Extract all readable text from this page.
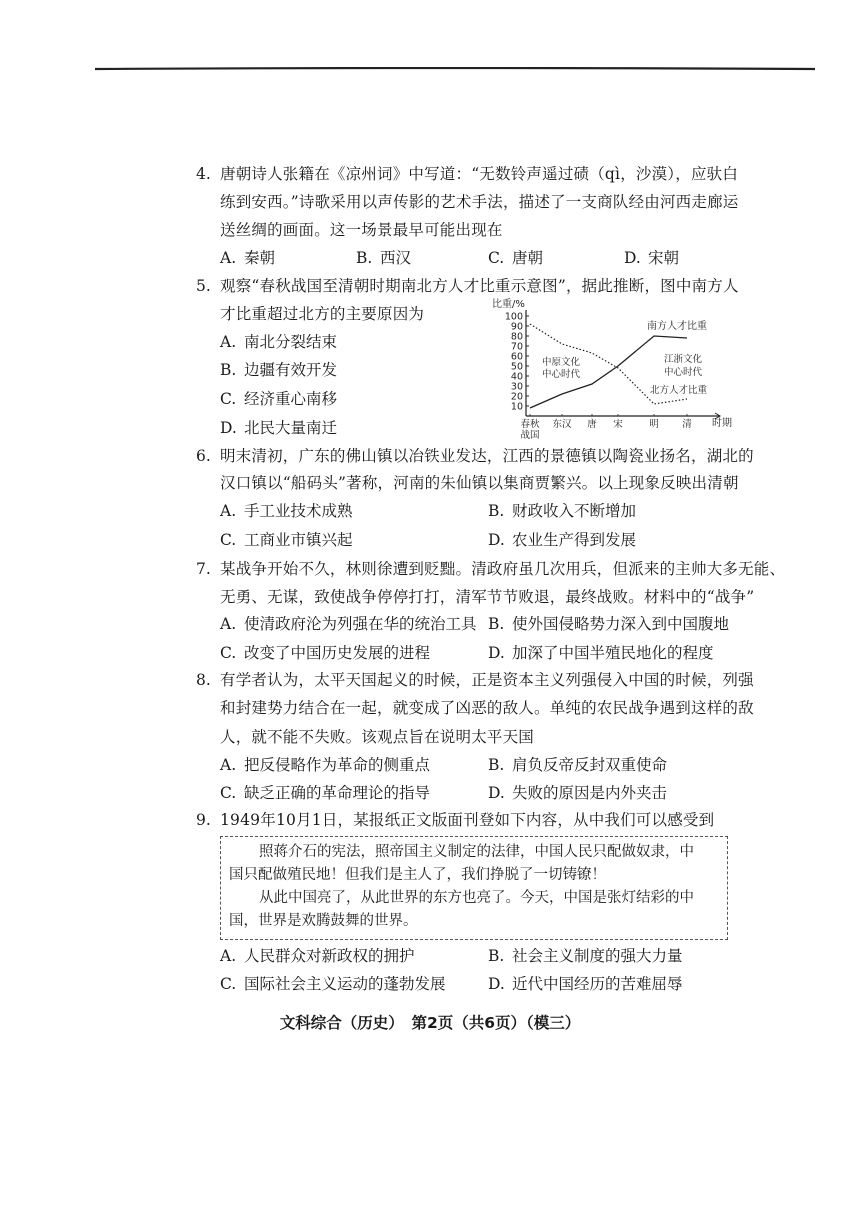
4. 唐朝诗人张籍在《凉州词》中写道：“无数铃声遥过碛（qì，沙漠），应驮白
练到安西。”诗歌采用以声传影的艺术手法，描述了一支商队经由河西走廊运
送丝绸的画面。这一场景最早可能出现在
A. 秦朝	B. 西汉	C. 唐朝	D. 宋朝
5. 观察“春秋战国至清朝时期南北方人才比重示意图”，据此推断，图中南方人
才比重超过北方的主要原因为
A. 南北分裂结束
B. 边疆有效开发
C. 经济重心南移
D. 北民大量南迁
比重/%
时期
南方人才比重
北方人才比重
中原文化
中心时代
江浙文化
中心时代
10
20
30
40
50
60
70
80
90
100
春秋
战国
东汉 唐 宋	明 清
6. 明末清初，广东的佛山镇以冶铁业发达，江西的景德镇以陶瓷业扬名，湖北的
汉口镇以“船码头”著称，河南的朱仙镇以集商贾繁兴。以上现象反映出清朝
A. 手工业技术成熟	B. 财政收入不断增加
C. 工商业市镇兴起	D. 农业生产得到发展
7. 某战争开始不久，林则徐遭到贬黜。清政府虽几次用兵，但派来的主帅大多无能、
无勇、无谋，致使战争停停打打，清军节节败退，最终战败。材料中的“战争”
A. 使清政府沦为列强在华的统治工具 B. 使外国侵略势力深入到中国腹地
C. 改变了中国历史发展的进程	D. 加深了中国半殖民地化的程度
8. 有学者认为，太平天国起义的时候，正是资本主义列强侵入中国的时候，列强
和封建势力结合在一起，就变成了凶恶的敌人。单纯的农民战争遇到这样的敌
人，就不能不失败。该观点旨在说明太平天国
A. 把反侵略作为革命的侧重点	B. 肩负反帝反封双重使命
C. 缺乏正确的革命理论的指导	D. 失败的原因是内外夹击
9. 1949年10月1日，某报纸正文版面刊登如下内容，从中我们可以感受到
照蒋介石的宪法，照帝国主义制定的法律，中国人民只配做奴隶，中
国只配做殖民地！但我们是主人了，我们挣脱了一切铸镣！
从此中国亮了，从此世界的东方也亮了。今天，中国是张灯结彩的中
国，世界是欢腾鼓舞的世界。
A. 人民群众对新政权的拥护	B. 社会主义制度的强大力量
C. 国际社会主义运动的蓬勃发展	D. 近代中国经历的苦难屈辱
文科综合（历史）　第2页（共6页）（模三）
